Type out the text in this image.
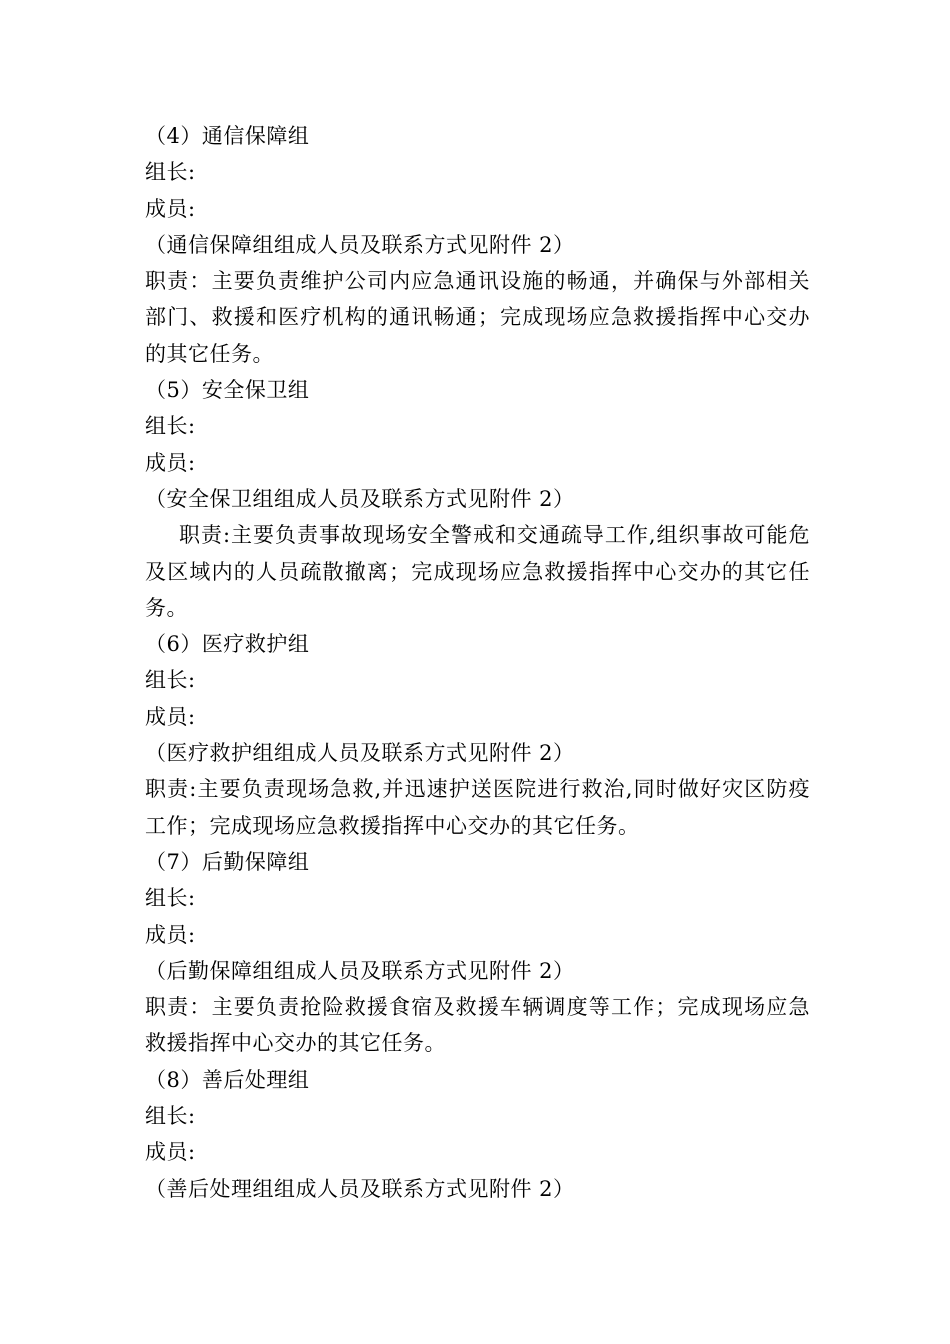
（4）通信保障组
组长:
成员:
（通信保障组组成人员及联系方式见附件 2）
职责：主要负责维护公司内应急通讯设施的畅通，并确保与外部相关部门、救援和医疗机构的通讯畅通；完成现场应急救援指挥中心交办的其它任务。
（5）安全保卫组
组长:
成员:
（安全保卫组组成人员及联系方式见附件 2）
职责:主要负责事故现场安全警戒和交通疏导工作,组织事故可能危及区域内的人员疏散撤离；完成现场应急救援指挥中心交办的其它任务。
（6）医疗救护组
组长:
成员:
（医疗救护组组成人员及联系方式见附件 2）
职责:主要负责现场急救,并迅速护送医院进行救治,同时做好灾区防疫工作；完成现场应急救援指挥中心交办的其它任务。
（7）后勤保障组
组长:
成员:
（后勤保障组组成人员及联系方式见附件 2）
职责：主要负责抢险救援食宿及救援车辆调度等工作；完成现场应急救援指挥中心交办的其它任务。
（8）善后处理组
组长:
成员:
（善后处理组组成人员及联系方式见附件 2）
